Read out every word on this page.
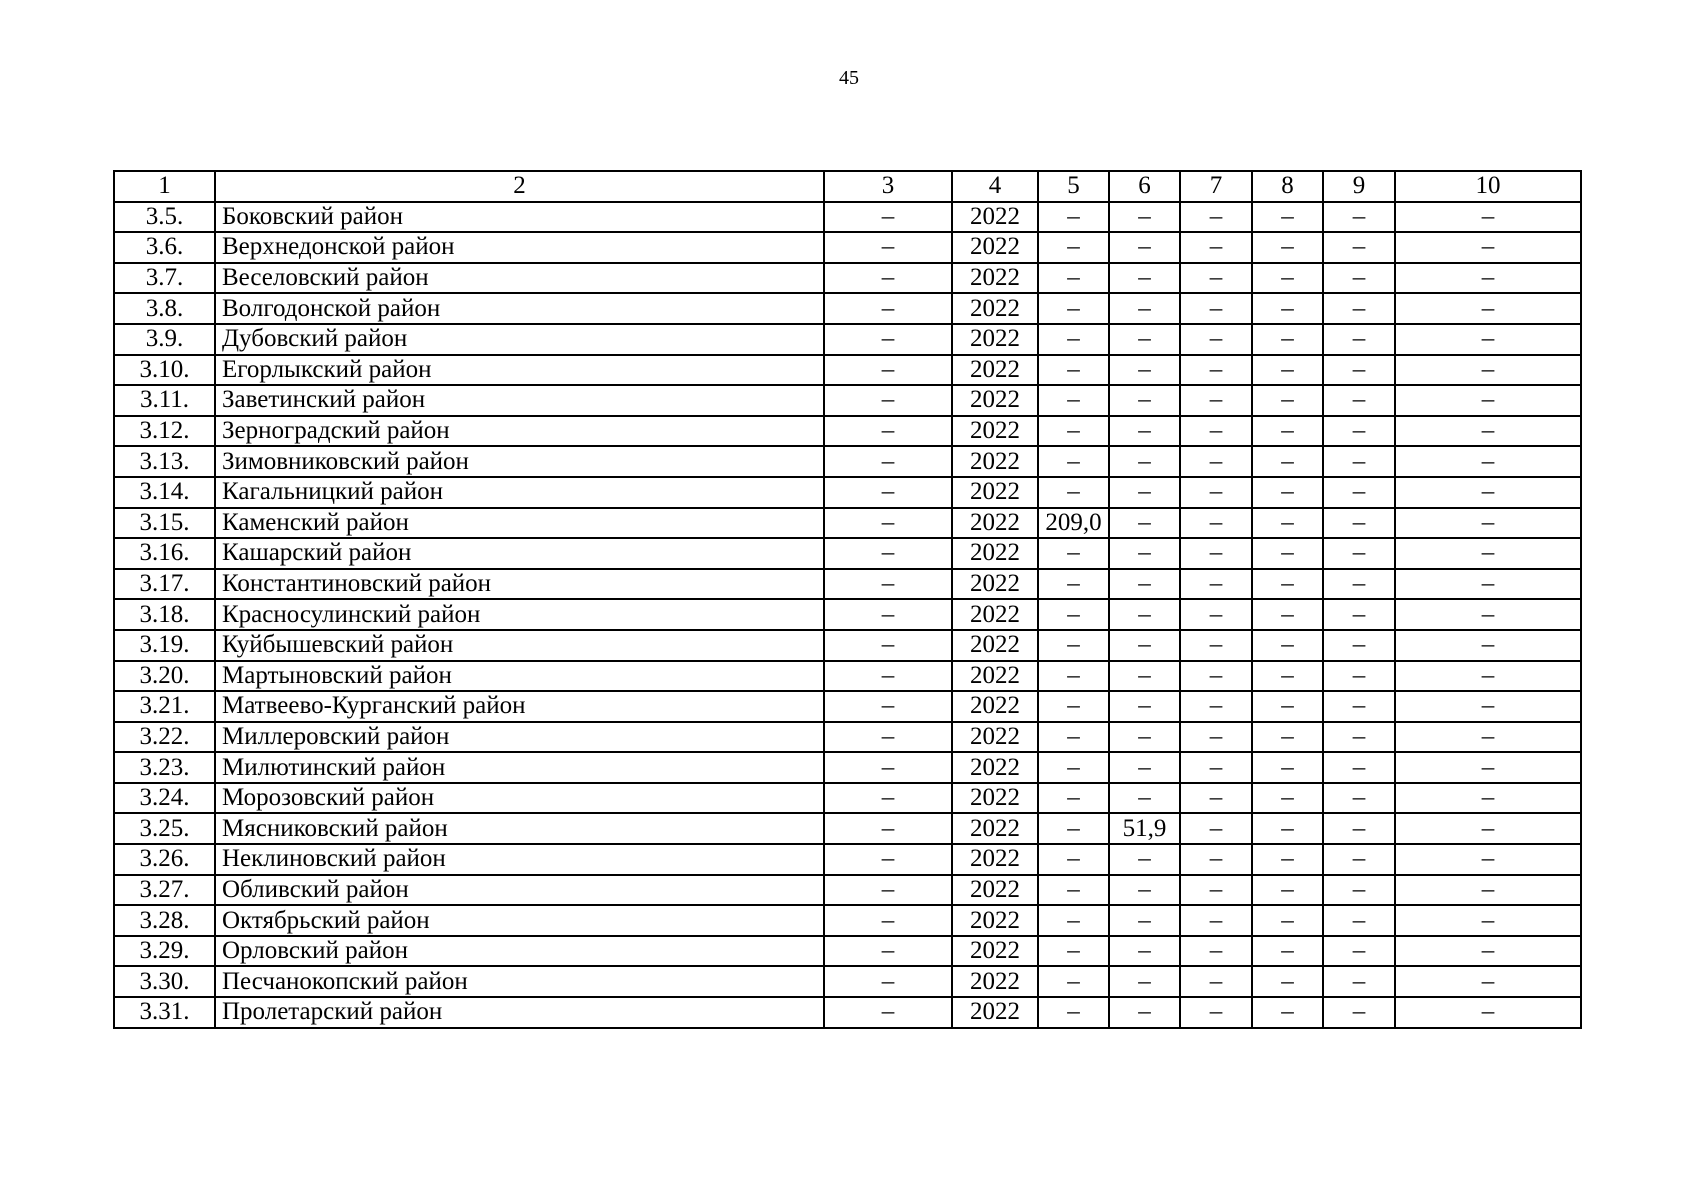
45
1	2	3	4	5	6	7	8	9	10
3.5.	Боковский район	–	2022	–	–	–	–	–	–
3.6.	Верхнедонской район	–	2022	–	–	–	–	–	–
3.7.	Веселовский район	–	2022	–	–	–	–	–	–
3.8.	Волгодонской район	–	2022	–	–	–	–	–	–
3.9.	Дубовский район	–	2022	–	–	–	–	–	–
3.10.	Егорлыкский район	–	2022	–	–	–	–	–	–
3.11.	Заветинский район	–	2022	–	–	–	–	–	–
3.12.	Зерноградский район	–	2022	–	–	–	–	–	–
3.13.	Зимовниковский район	–	2022	–	–	–	–	–	–
3.14.	Кагальницкий район	–	2022	–	–	–	–	–	–
3.15.	Каменский район	–	2022	209,0	–	–	–	–	–
3.16.	Кашарский район	–	2022	–	–	–	–	–	–
3.17.	Константиновский район	–	2022	–	–	–	–	–	–
3.18.	Красносулинский район	–	2022	–	–	–	–	–	–
3.19.	Куйбышевский район	–	2022	–	–	–	–	–	–
3.20.	Мартыновский район	–	2022	–	–	–	–	–	–
3.21.	Матвеево-Курганский район	–	2022	–	–	–	–	–	–
3.22.	Миллеровский район	–	2022	–	–	–	–	–	–
3.23.	Милютинский район	–	2022	–	–	–	–	–	–
3.24.	Морозовский район	–	2022	–	–	–	–	–	–
3.25.	Мясниковский район	–	2022	–	51,9	–	–	–	–
3.26.	Неклиновский район	–	2022	–	–	–	–	–	–
3.27.	Обливский район	–	2022	–	–	–	–	–	–
3.28.	Октябрьский район	–	2022	–	–	–	–	–	–
3.29.	Орловский район	–	2022	–	–	–	–	–	–
3.30.	Песчанокопский район	–	2022	–	–	–	–	–	–
3.31.	Пролетарский район	–	2022	–	–	–	–	–	–
